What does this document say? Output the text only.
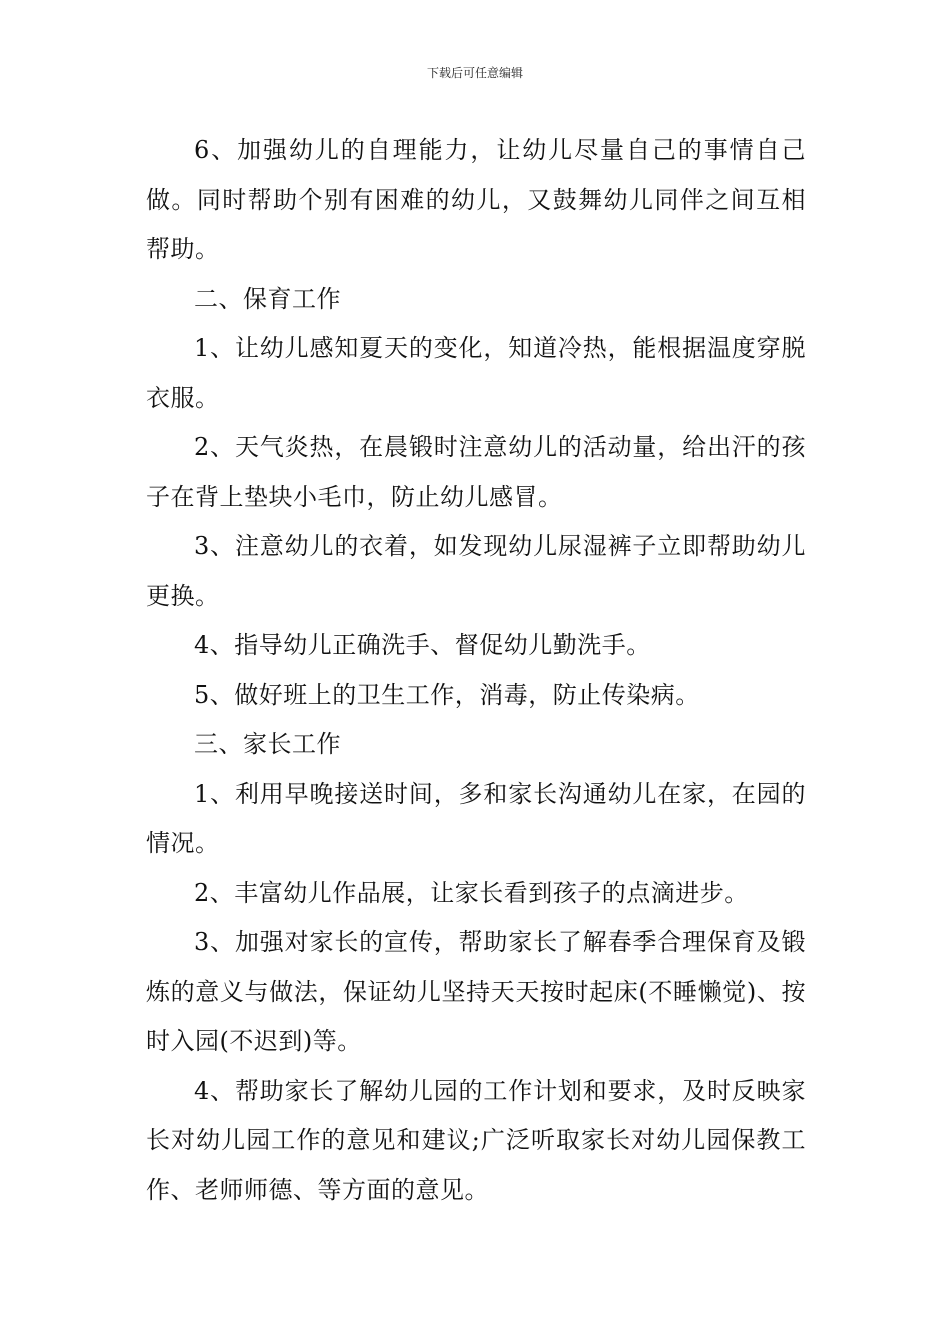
下载后可任意编辑

6、加强幼儿的自理能力，让幼儿尽量自己的事情自己做。同时帮助个别有困难的幼儿，又鼓舞幼儿同伴之间互相帮助。

二、保育工作

1、让幼儿感知夏天的变化，知道冷热，能根据温度穿脱衣服。

2、天气炎热，在晨锻时注意幼儿的活动量，给出汗的孩子在背上垫块小毛巾，防止幼儿感冒。

3、注意幼儿的衣着，如发现幼儿尿湿裤子立即帮助幼儿更换。

4、指导幼儿正确洗手、督促幼儿勤洗手。

5、做好班上的卫生工作，消毒，防止传染病。

三、家长工作

1、利用早晚接送时间，多和家长沟通幼儿在家，在园的情况。

2、丰富幼儿作品展，让家长看到孩子的点滴进步。

3、加强对家长的宣传，帮助家长了解春季合理保育及锻炼的意义与做法，保证幼儿坚持天天按时起床(不睡懒觉)、按时入园(不迟到)等。

4、帮助家长了解幼儿园的工作计划和要求，及时反映家长对幼儿园工作的意见和建议;广泛听取家长对幼儿园保教工作、老师师德、等方面的意见。
